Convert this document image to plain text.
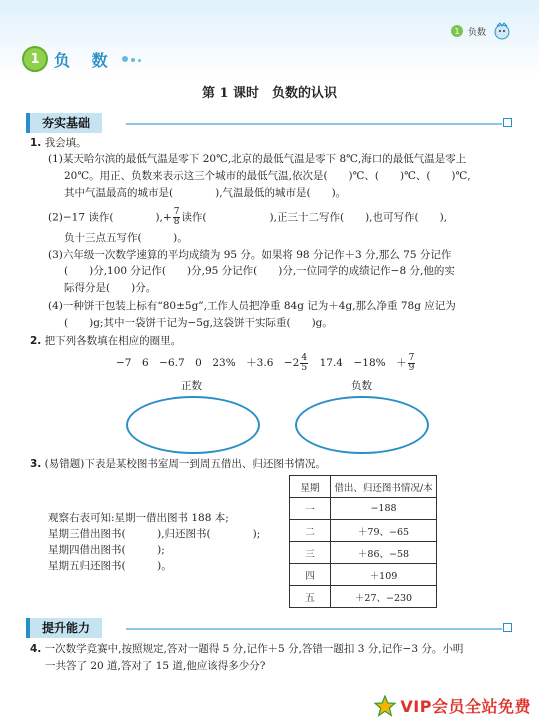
1 负数
1 负 数
第 1 课时　负数的认识
夯实基础
1. 我会填。
(1)某天哈尔滨的最低气温是零下 20℃,北京的最低气温是零下 8℃,海口的最低气温是零上
20℃。用正、负数来表示这三个城市的最低气温,依次是(　　)℃、(　　)℃、(　　)℃,
其中气温最高的城市是(　　　　),气温最低的城市是(　　)。
(2)−17 读作(　　　　),+ $\frac{7}{8}$ 读作(　　　　　　),正三十二写作(　　),也可写作(　　),
负十三点五写作(　　　)。
(3)六年级一次数学速算的平均成绩为 95 分。如果将 98 分记作＋3 分,那么 75 分记作
(　　)分,100 分记作(　　)分,95 分记作(　　)分,一位同学的成绩记作−8 分,他的实
际得分是(　　)分。
(4)一种饼干包装上标有“80±5g”,工作人员把净重 84g 记为＋4g,那么净重 78g 应记为
(　　)g;其中一袋饼干记为−5g,这袋饼干实际重(　　)g。
2. 把下列各数填在相应的圈里。
−7　6　−6.7　0　23%　＋3.6　$-2 \frac{4}{5}$
　 17.4　−18%　＋ $\frac{7}{9}$
正数	负数
3. (易错题)下表是某校图书室周一到周五借出、归还图书情况。
观察右表可知:星期一借出图书 188 本;
星期三借出图书(　　　),归还图书(　　　　);
星期四借出图书(　　　);
星期五归还图书(　　　)。
星期	借出、归还图书情况/本
一	−188
二	＋79、−65
三	＋86、−58
四	＋109
五	＋27、−230
提升能力
4. 一次数学竞赛中,按照规定,答对一题得 5 分,记作＋5 分,答错一题扣 3 分,记作−3 分。小明
一共答了 20 道,答对了 15 道,他应该得多少分?
VIP会员全站免费
